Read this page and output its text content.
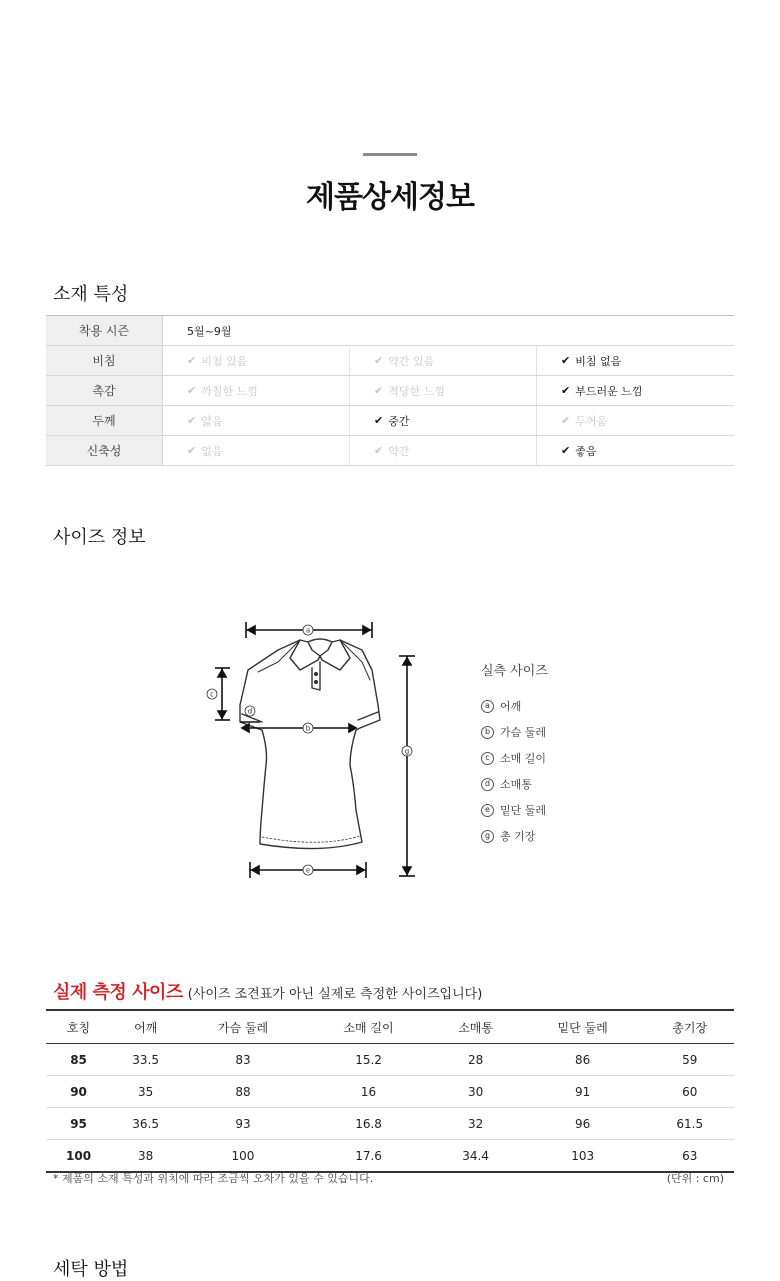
제품상세정보
소재 특성
착용 시즌	5월~9월
비침	✔ 비침 있음	✔ 약간 있음	✔ 비침 없음
촉감	✔ 까칠한 느낌	✔ 적당한 느낌	✔ 부드러운 느낌
두께	✔ 얇음	✔ 중간	✔ 두꺼움
신축성	✔ 없음	✔ 약간	✔ 좋음
사이즈 정보
a
b
c
d
e
g
실측 사이즈
a 어깨
b 가슴 둘레
c 소매 길이
d 소매통
e 밑단 둘레
g 총 기장
실제 측정 사이즈 (사이즈 조견표가 아닌 실제로 측정한 사이즈입니다)
호칭	어깨	가슴 둘레	소매 길이	소매통	밑단 둘레	총기장
85	33.5	83	15.2	28	86	59
90	35	88	16	30	91	60
95	36.5	93	16.8	32	96	61.5
100	38	100	17.6	34.4	103	63
* 제품의 소재 특성과 위치에 따라 조금씩 오차가 있을 수 있습니다.	(단위 : cm)
세탁 방법
